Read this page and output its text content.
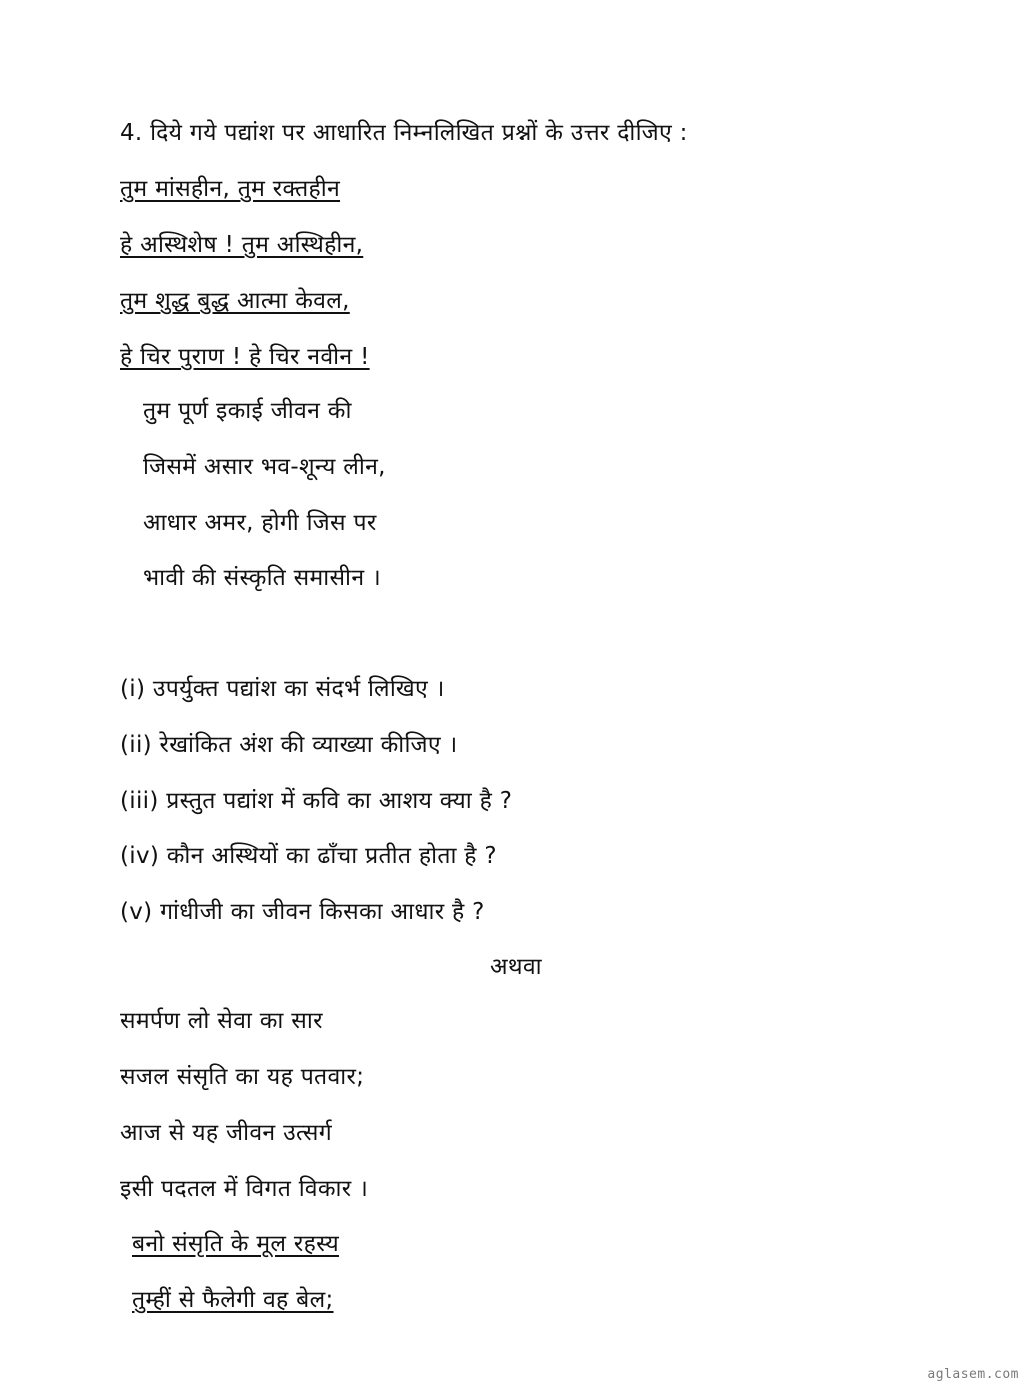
4. दिये गये पद्यांश पर आधारित निम्नलिखित प्रश्नों के उत्तर दीजिए :
तुम मांसहीन, तुम रक्तहीन
हे अस्थिशेष ! तुम अस्थिहीन,
तुम शुद्ध बुद्ध आत्मा केवल,
हे चिर पुराण ! हे चिर नवीन !
तुम पूर्ण इकाई जीवन की
जिसमें असार भव-शून्य लीन,
आधार अमर, होगी जिस पर
भावी की संस्कृति समासीन ।
(i) उपर्युक्त पद्यांश का संदर्भ लिखिए ।
(ii) रेखांकित अंश की व्याख्या कीजिए ।
(iii) प्रस्तुत पद्यांश में कवि का आशय क्या है ?
(iv) कौन अस्थियों का ढाँचा प्रतीत होता है ?
(v) गांधीजी का जीवन किसका आधार है ?
अथवा
समर्पण लो सेवा का सार
सजल संसृति का यह पतवार;
आज से यह जीवन उत्सर्ग
इसी पदतल में विगत विकार ।
बनो संसृति के मूल रहस्य
तुम्हीं से फैलेगी वह बेल;
aglasem.com
